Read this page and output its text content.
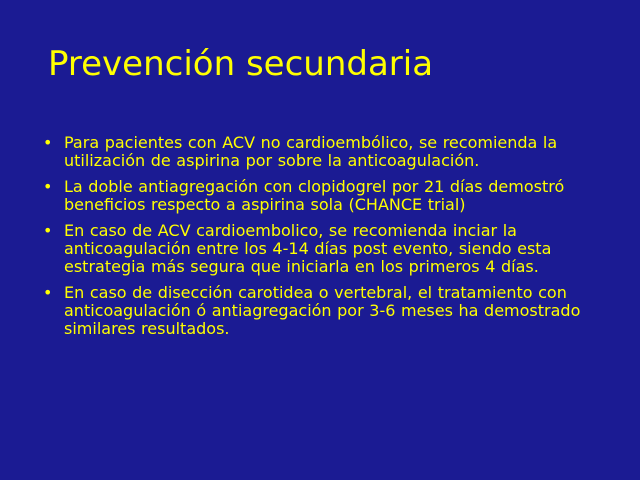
Prevención secundaria
• Para pacientes con ACV no cardioembólico, se recomienda la utilización de aspirina por sobre la anticoagulación.
• La doble antiagregación con clopidogrel por 21 días demostró beneficios respecto a aspirina sola (CHANCE trial)
• En caso de ACV cardioembolico, se recomienda inciar la anticoagulación entre los 4-14 días post evento, siendo esta estrategia más segura que iniciarla en los primeros 4 días.
• En caso de disección carotidea o vertebral, el tratamiento con anticoagulación ó antiagregación por 3-6 meses ha demostrado similares resultados.
